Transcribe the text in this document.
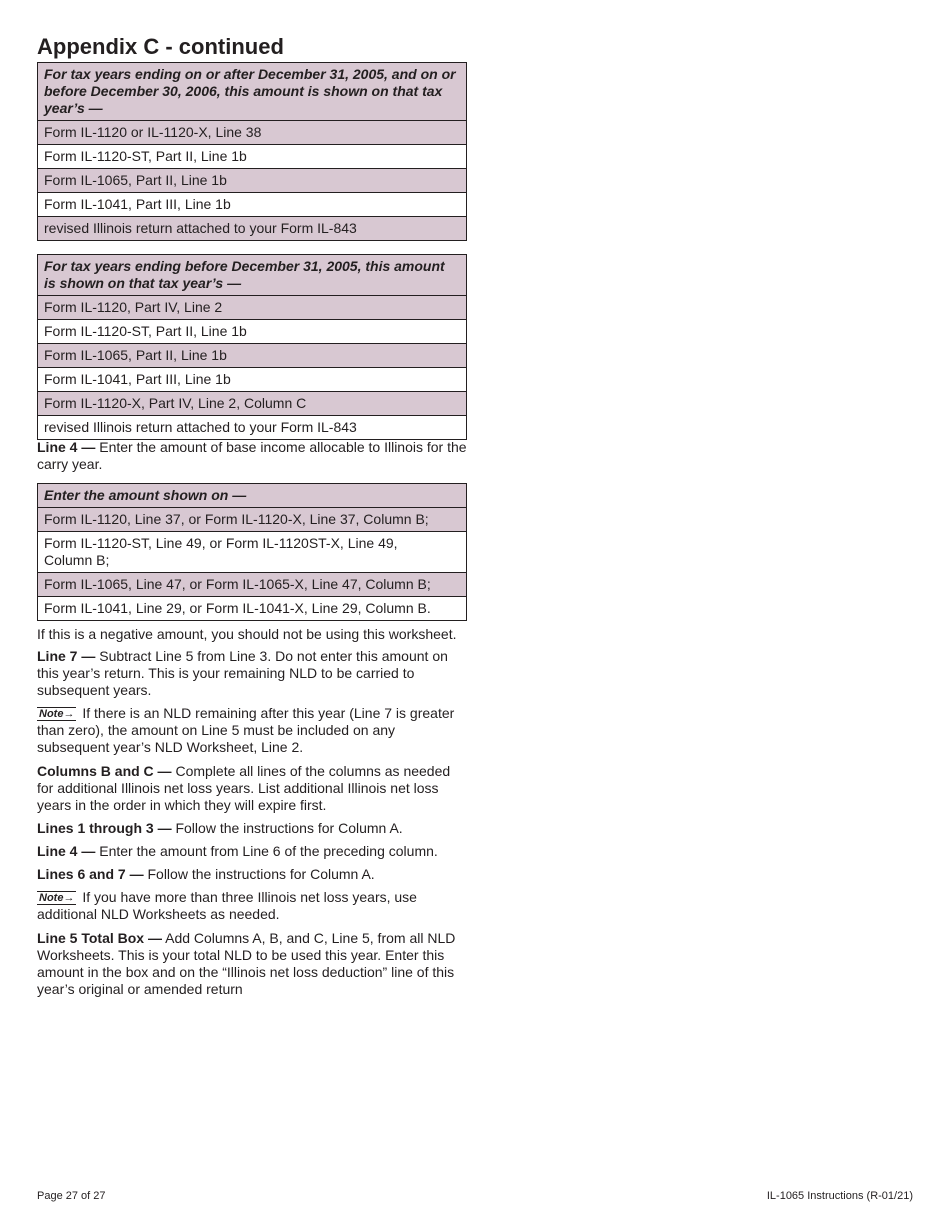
Appendix C - continued
For tax years ending on or after December 31, 2005, and on or before December 30, 2006, this amount is shown on that tax year’s —
Form IL-1120 or IL-1120-X, Line 38
Form IL-1120-ST, Part II, Line 1b
Form IL-1065, Part II, Line 1b
Form IL-1041, Part III, Line 1b
revised Illinois return attached to your Form IL-843
For tax years ending before December 31, 2005, this amount is shown on that tax year’s —
Form IL-1120, Part IV, Line 2
Form IL-1120-ST, Part II, Line 1b
Form IL-1065, Part II, Line 1b
Form IL-1041, Part III, Line 1b
Form IL-1120-X, Part IV, Line 2, Column C
revised Illinois return attached to your Form IL-843

Line 4 — Enter the amount of base income allocable to Illinois for the carry year.

Enter the amount shown on —
Form IL-1120, Line 37, or Form IL-1120-X, Line 37, Column B;
Form IL-1120-ST, Line 49, or Form IL-1120ST-X, Line 49, Column B;
Form IL-1065, Line 47, or Form IL-1065-X, Line 47, Column B;
Form IL-1041, Line 29, or Form IL-1041-X, Line 29, Column B.

If this is a negative amount, you should not be using this worksheet.

Line 7 — Subtract Line 5 from Line 3. Do not enter this amount on this year’s return. This is your remaining NLD to be carried to subsequent years.

Note→ If there is an NLD remaining after this year (Line 7 is greater than zero), the amount on Line 5 must be included on any subsequent year’s NLD Worksheet, Line 2.

Columns B and C — Complete all lines of the columns as needed for additional Illinois net loss years. List additional Illinois net loss years in the order in which they will expire first.

Lines 1 through 3 — Follow the instructions for Column A.

Line 4 — Enter the amount from Line 6 of the preceding column.

Lines 6 and 7 — Follow the instructions for Column A.

Note→ If you have more than three Illinois net loss years, use additional NLD Worksheets as needed.

Line 5 Total Box — Add Columns A, B, and C, Line 5, from all NLD Worksheets. This is your total NLD to be used this year. Enter this amount in the box and on the “Illinois net loss deduction” line of this year’s original or amended return

Page 27 of 27	IL-1065 Instructions (R-01/21)
